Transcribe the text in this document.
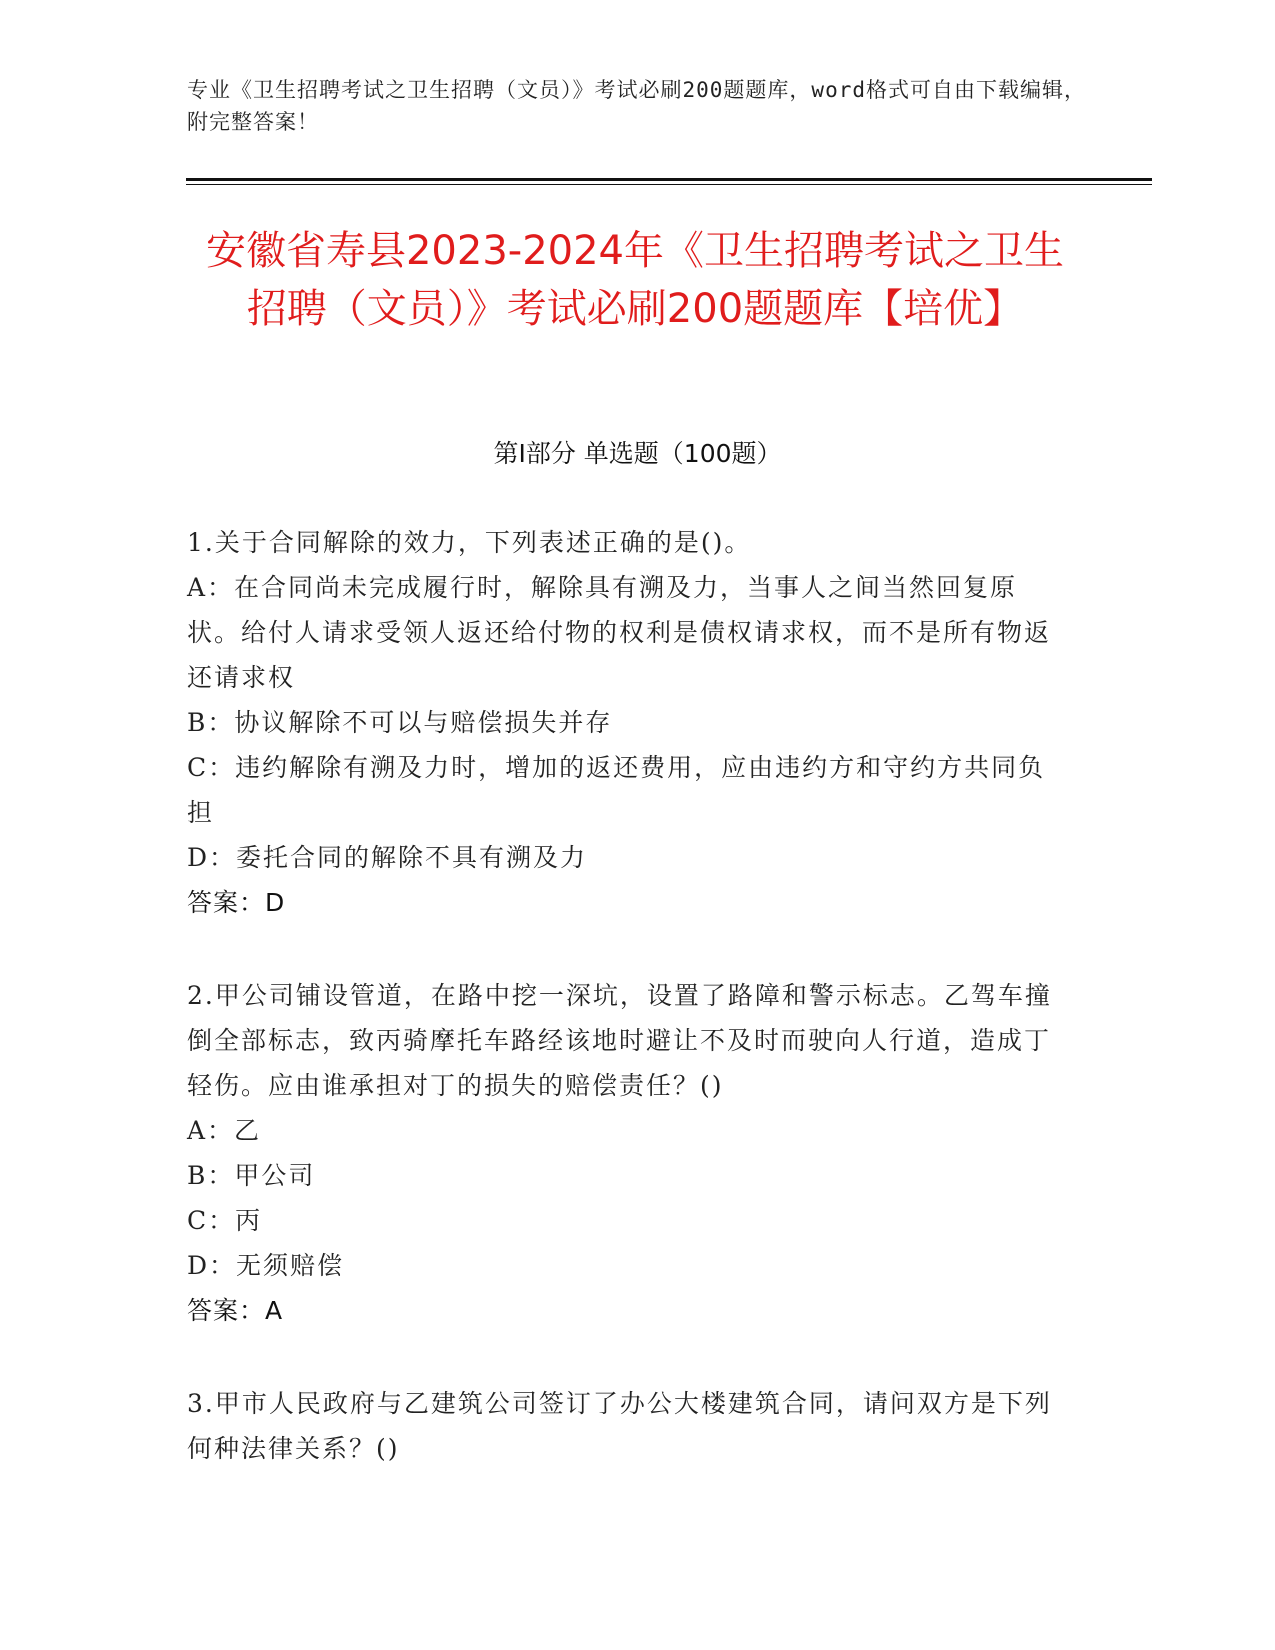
专业《卫生招聘考试之卫生招聘（文员）》考试必刷200题题库，word格式可自由下载编辑，附完整答案！
安徽省寿县2023-2024年《卫生招聘考试之卫生招聘（文员）》考试必刷200题题库【培优】
第Ⅰ部分 单选题（100题）
1.关于合同解除的效力，下列表述正确的是()。
A：在合同尚未完成履行时，解除具有溯及力，当事人之间当然回复原状。给付人请求受领人返还给付物的权利是债权请求权，而不是所有物返还请求权
B：协议解除不可以与赔偿损失并存
C：违约解除有溯及力时，增加的返还费用，应由违约方和守约方共同负担
D：委托合同的解除不具有溯及力
答案：D
2.甲公司铺设管道，在路中挖一深坑，设置了路障和警示标志。乙驾车撞倒全部标志，致丙骑摩托车路经该地时避让不及时而驶向人行道，造成丁轻伤。应由谁承担对丁的损失的赔偿责任？()
A：乙
B：甲公司
C：丙
D：无须赔偿
答案：A
3.甲市人民政府与乙建筑公司签订了办公大楼建筑合同，请问双方是下列何种法律关系？()
